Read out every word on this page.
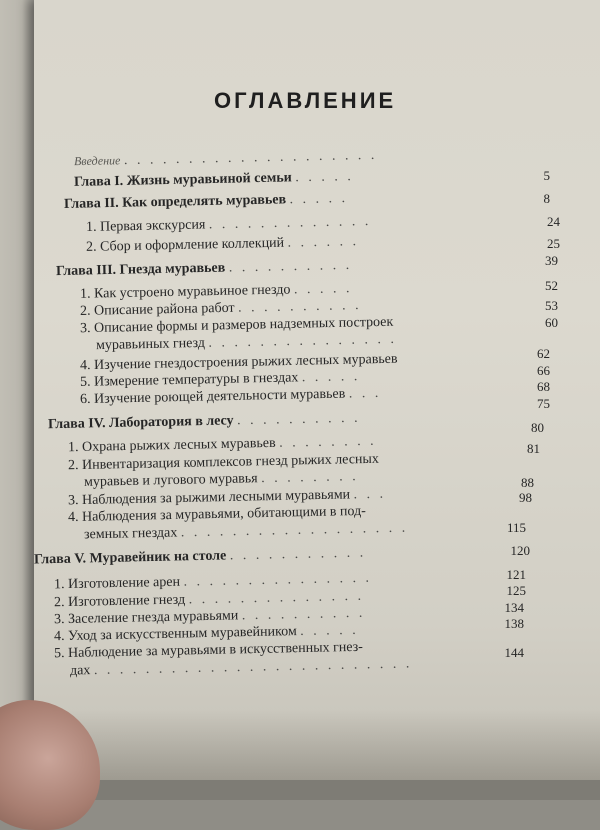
ОГЛАВЛЕНИЕ
Введение . . . . . . . . . . . . . . . . . . . .
Глава I. Жизнь муравьиной семьи . . . . .
Глава II. Как определять муравьев . . . . .
1. Первая экскурсия . . . . . . . . . . . . .
2. Сбор и оформление коллекций . . . . . .
Глава III. Гнезда муравьев . . . . . . . . . .
1. Как устроено муравьиное гнездо . . . . .
2. Описание района работ . . . . . . . . . .
3. Описание формы и размеров надземных построек
муравьиных гнезд . . . . . . . . . . . . . . .
4. Изучение гнездостроения рыжих лесных муравьев
5. Измерение температуры в гнездах . . . . .
6. Изучение роющей деятельности муравьев . . .
Глава IV. Лаборатория в лесу . . . . . . . . . .
1. Охрана рыжих лесных муравьев . . . . . . . .
2. Инвентаризация комплексов гнезд рыжих лесных
муравьев и лугового муравья . . . . . . . .
3. Наблюдения за рыжими лесными муравьями . . .
4. Наблюдения за муравьями, обитающими в под-
земных гнездах . . . . . . . . . . . . . . . . . .
Глава V. Муравейник на столе . . . . . . . . . . .
1. Изготовление арен . . . . . . . . . . . . . . .
2. Изготовление гнезд . . . . . . . . . . . . . .
3. Заселение гнезда муравьями . . . . . . . . . .
4. Уход за искусственным муравейником . . . . .
5. Наблюдение за муравьями в искусственных гнез-
дах . . . . . . . . . . . . . . . . . . . . . . . . .
5
8
24
25
39
52
53
60
62
66
68
75
80
81
88
98
115
120
121
125
134
138
144
